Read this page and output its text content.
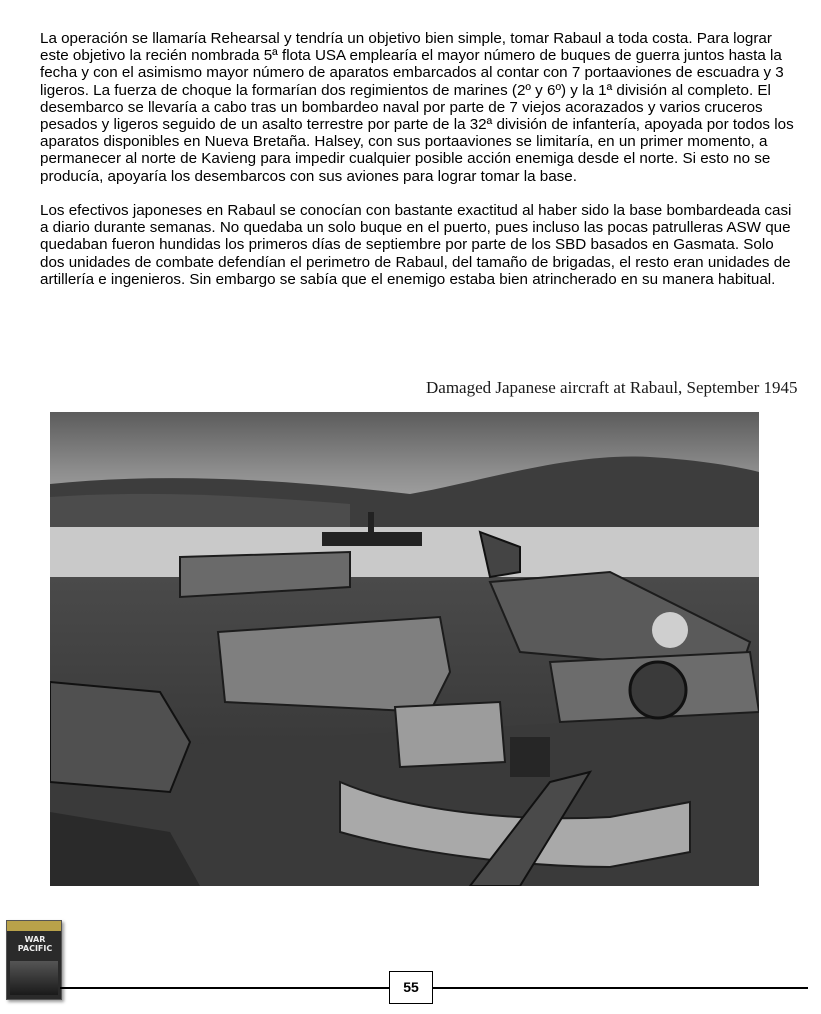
La operación se llamaría Rehearsal y tendría un objetivo bien simple, tomar Rabaul a toda costa. Para lograr este objetivo la recién nombrada 5ª flota USA emplearía el mayor número de buques de guerra juntos hasta la fecha y con el asimismo mayor número de aparatos embarcados al contar con 7 portaaviones de escuadra y 3 ligeros. La fuerza de choque la formarían dos regimientos de marines (2º y 6º) y la 1ª división al completo. El desembarco se llevaría a cabo tras un bombardeo naval por parte de 7 viejos acorazados y varios cruceros pesados y ligeros seguido de un asalto terrestre por parte de la 32ª división de infantería, apoyada por todos los aparatos disponibles en Nueva Bretaña. Halsey, con sus portaaviones se limitaría, en un primer momento, a permanecer al norte de Kavieng para impedir cualquier posible acción enemiga desde el norte. Si esto no se producía, apoyaría los desembarcos con sus aviones para lograr tomar la base.

Los efectivos japoneses en Rabaul se conocían con bastante exactitud al haber sido la base bombardeada casi a diario durante semanas. No quedaba un solo buque en el puerto, pues incluso las pocas patrulleras ASW que quedaban fueron hundidas los primeros días de septiembre por parte de los SBD basados en Gasmata. Solo dos unidades de combate defendían el perimetro de Rabaul, del tamaño de brigadas, el resto eran unidades de artillería e ingenieros. Sin embargo se sabía que el enemigo estaba bien atrincherado en su manera habitual.

Damaged Japanese aircraft at Rabaul, September 1945
WAR PACIFIC
55
